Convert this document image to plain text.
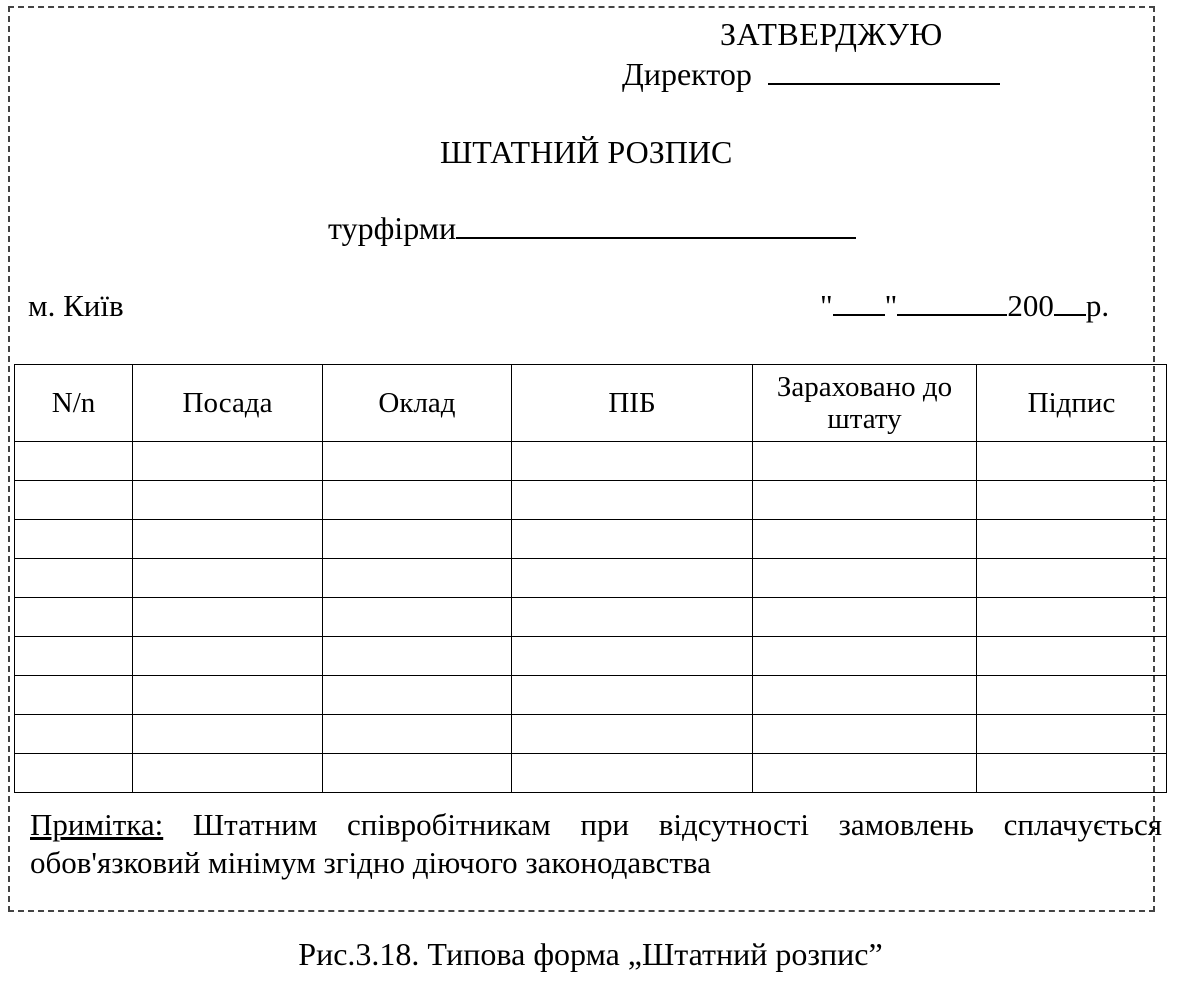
ЗАТВЕРДЖУЮ
Директор
ШТАТНИЙ РОЗПИС
турфірми
м. Київ	" "	200 р.
N/n	Посада	Оклад	ПІБ	Зараховано до штату	Підпис

Примітка: Штатним співробітникам при відсутності замовлень сплачується обов'язковий мінімум згідно діючого законодавства
Рис.3.18. Типова форма „Штатний розпис”
